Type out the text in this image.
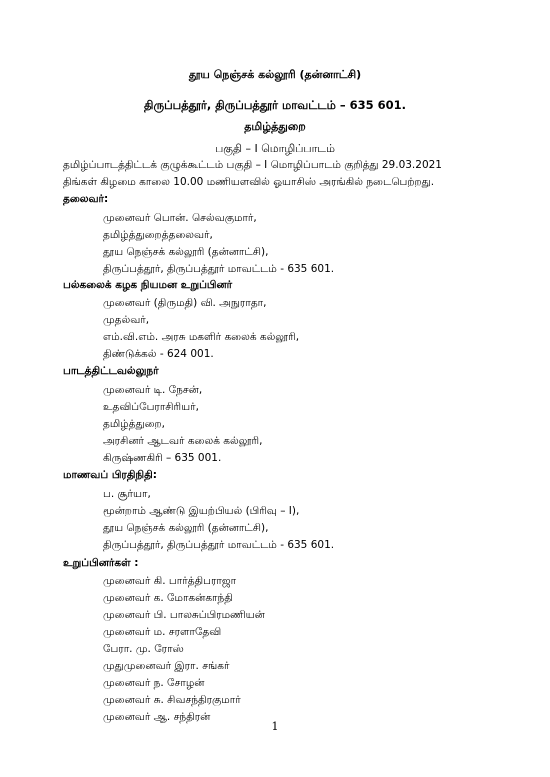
தூய நெஞ்சக் கல்லூரி (தன்னாட்சி)
திருப்பத்தூர், திருப்பத்தூர் மாவட்டம் – 635 601.
தமிழ்த்துறை
பகுதி – I மொழிப்பாடம்
தமிழ்ப்பாடத்திட்டக் குழுக்கூட்டம் பகுதி – I மொழிப்பாடம் குறித்து 29.03.2021
திங்கள் கிழமை காலை 10.00 மணியளவில் ஓயாசிஸ் அரங்கில் நடைபெற்றது.
தலைவர்:
முனைவர் பொன். செல்வகுமார்,
தமிழ்த்துறைத்தலைவர்,
தூய நெஞ்சக் கல்லூரி (தன்னாட்சி),
திருப்பத்தூர், திருப்பத்தூர் மாவட்டம் - 635 601.
பல்கலைக் கழக நியமன உறுப்பினர்
முனைவர் (திருமதி) வி. அநுராதா,
முதல்வர்,
எம்.வி.எம். அரசு மகளிர் கலைக் கல்லூரி,
திண்டுக்கல் - 624 001.
பாடத்திட்டவல்லுநர்
முனைவர் டி. நேசன்,
உதவிப்பேராசிரியர்,
தமிழ்த்துறை,
அரசினர் ஆடவர் கலைக் கல்லூரி,
கிருஷ்ணகிரி – 635 001.
மாணவப் பிரதிநிதி:
ப. சூர்யா,
மூன்றாம் ஆண்டு இயற்பியல் (பிரிவு – I),
தூய நெஞ்சக் கல்லூரி (தன்னாட்சி),
திருப்பத்தூர், திருப்பத்தூர் மாவட்டம் - 635 601.
உறுப்பினர்கள் :
முனைவர் கி. பார்த்திபராஜா
முனைவர் க. மோகன்காந்தி
முனைவர் பி. பாலசுப்பிரமணியன்
முனைவர் ம. சரளாதேவி
பேரா. மு. ரோஸ்
முதுமுனைவர் இரா. சங்கர்
முனைவர் ந. சோழன்
முனைவர் சு. சிவசந்திரகுமார்
முனைவர் ஆ. சந்திரன்
1
